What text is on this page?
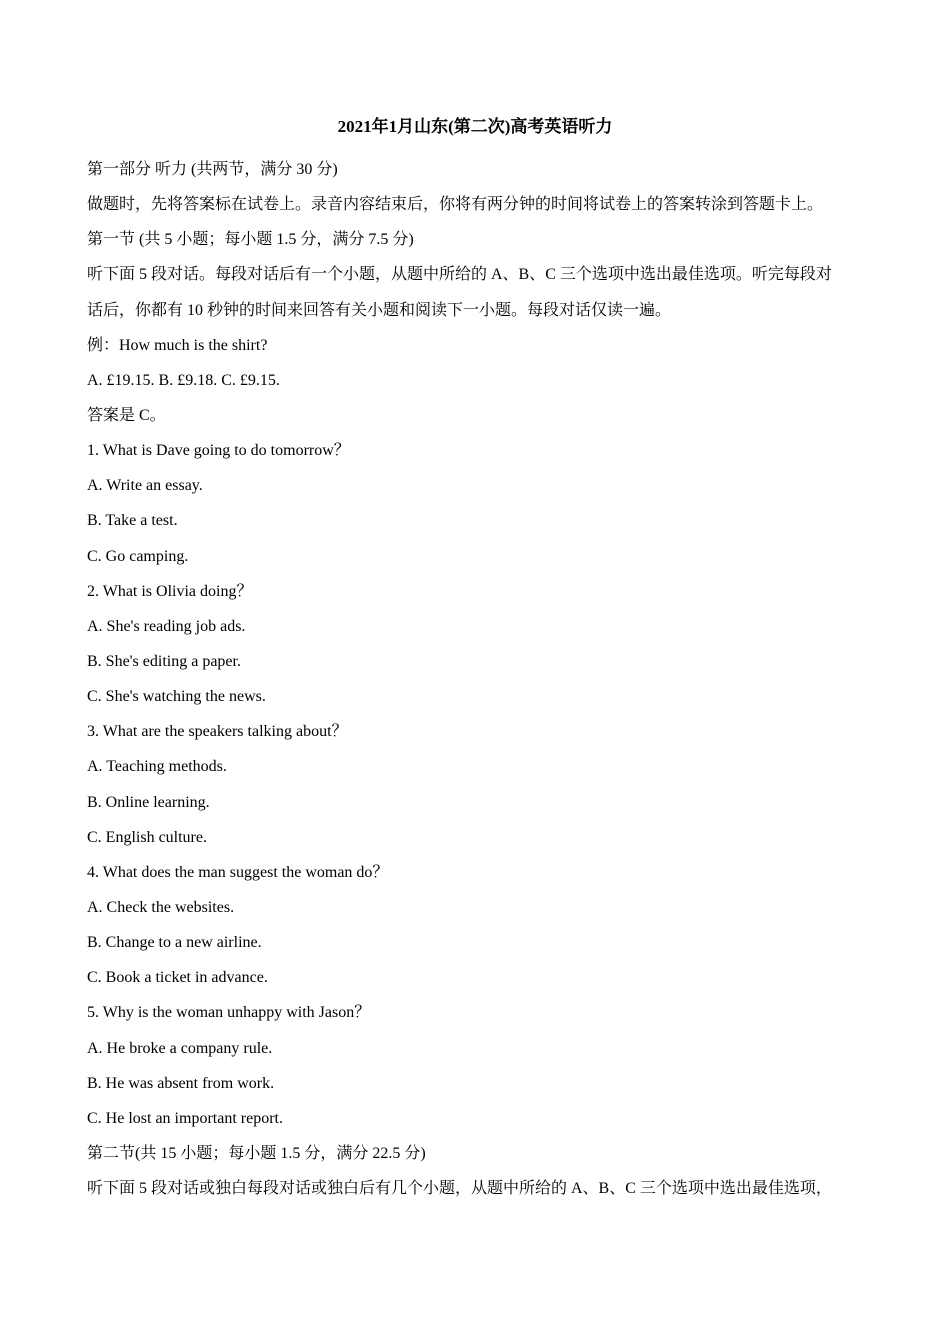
2021年1月山东(第二次)高考英语听力
第一部分 听力 (共两节，满分 30 分)
做题时，先将答案标在试卷上。录音内容结束后，你将有两分钟的时间将试卷上的答案转涂到答题卡上。
第一节 (共 5 小题；每小题 1.5 分，满分 7.5 分)
听下面 5 段对话。每段对话后有一个小题，从题中所给的 A、B、C 三个选项中选出最佳选项。听完每段对
话后，你都有 10 秒钟的时间来回答有关小题和阅读下一小题。每段对话仅读一遍。
例：How much is the shirt?
A. £19.15. B. £9.18. C. £9.15.
答案是 C。
1. What is Dave going to do tomorrow？
A. Write an essay.
B. Take a test.
C. Go camping.
2. What is Olivia doing？
A. She's reading job ads.
B. She's editing a paper.
C. She's watching the news.
3. What are the speakers talking about？
A. Teaching methods.
B. Online learning.
C. English culture.
4. What does the man suggest the woman do？
A. Check the websites.
B. Change to a new airline.
C. Book a ticket in advance.
5. Why is the woman unhappy with Jason？
A. He broke a company rule.
B. He was absent from work.
C. He lost an important report.
第二节(共 15 小题；每小题 1.5 分，满分 22.5 分)
听下面 5 段对话或独白每段对话或独白后有几个小题，从题中所给的 A、B、C 三个选项中选出最佳选项，
